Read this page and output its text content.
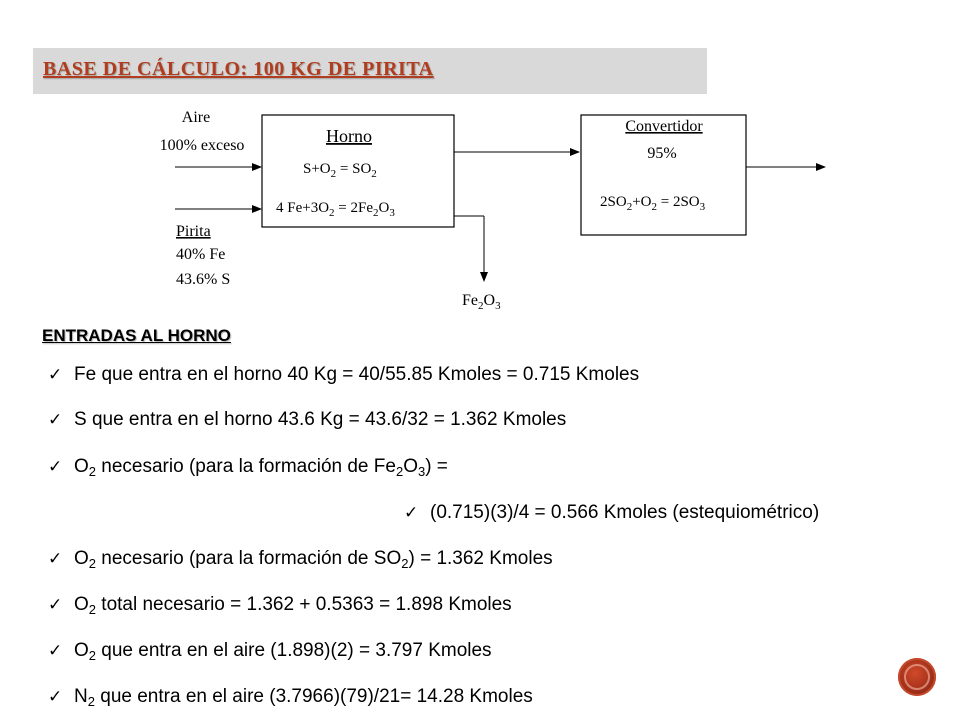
BASE DE CÁLCULO: 100 KG DE PIRITA
Aire
100% exceso	Horno
$S+O_2 = SO_2$
4 $Fe+3O_2 = 2Fe_2O_3$
Pirita
40% Fe
43.6% S
$Fe_2O_3$
Convertidor
95%
$2SO_2+O_2 = 2SO_3$
ENTRADAS AL HORNO
✓ Fe que entra en el horno 40 Kg = 40/55.85 Kmoles = 0.715 Kmoles
✓ S que entra en el horno 43.6 Kg = 43.6/32 = 1.362 Kmoles
✓ $O_2$ necesario (para la formación de $Fe_2O_3$) =
✓ (0.715)(3)/4 = 0.566 Kmoles (estequiométrico)
✓ $O_2$ necesario (para la formación de $SO_2) = 1.362$ Kmoles
✓ $O_2$ total necesario = 1.362 + 0.5363 = 1.898 Kmoles
✓ $O_2$ que entra en el aire (1.898)(2) = 3.797 Kmoles
✓ $N_2$ que entra en el aire (3.7966)(79)/21= 14.28 Kmoles
